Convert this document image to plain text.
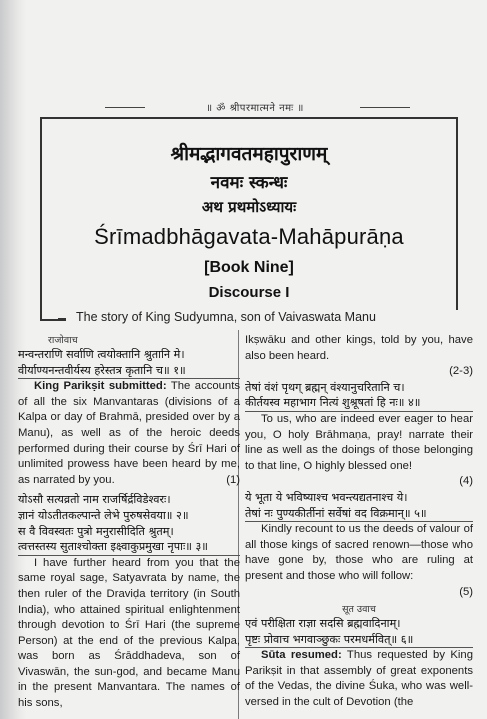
॥ ॐ श्रीपरमात्मने नमः ॥
श्रीमद्भागवतमहापुराणम्
नवमः स्कन्धः
अथ प्रथमोऽध्यायः
Śrīmadbhāgavata-Mahāpurāṇa
[Book Nine]
Discourse I
The story of King Sudyumna, son of Vaivaswata Manu
राजोवाच
मन्वन्तराणि सर्वाणि त्वयोक्तानि श्रुतानि मे।
वीर्याण्यनन्तवीर्यस्य हरेस्तत्र कृतानि च॥ १॥
King Parikṣit submitted: The accounts of all the six Manvantaras (divisions of a Kalpa or day of Brahmā, presided over by a Manu), as well as of the heroic deeds performed during their course by Śrī Hari of unlimited prowess have been heard by me, as narrated by you.	(1)
योऽसौ सत्यव्रतो नाम राजर्षिर्द्रविडेश्वरः।
ज्ञानं योऽतीतकल्पान्ते लेभे पुरुषसेवया॥ २॥
स वै विवस्वतः पुत्रो मनुरासीदिति श्रुतम्।
त्वत्तस्तस्य सुताश्चोक्ता इक्ष्वाकुप्रमुखा नृपाः॥ ३॥
I have further heard from you that the same royal sage, Satyavrata by name, the then ruler of the Draviḍa territory (in South India), who attained spiritual enlightenment through devotion to Śrī Hari (the supreme Person) at the end of the previous Kalpa, was born as Śrāddhadeva, son of Vivaswān, the sun-god, and became Manu in the present Manvantara. The names of his sons,
Ikṣwāku and other kings, told by you, have also been heard.
(2-3)
तेषां वंशं पृथग् ब्रह्मन् वंश्यानुचरितानि च।
कीर्तयस्व महाभाग नित्यं शुश्रूषतां हि नः॥ ४॥
To us, who are indeed ever eager to hear you, O holy Brāhmaṇa, pray! narrate their line as well as the doings of those belonging to that line, O highly blessed one!
(4)
ये भूता ये भविष्याश्च भवन्त्यद्यतनाश्च ये।
तेषां नः पुण्यकीर्तीनां सर्वेषां वद विक्रमान्॥ ५॥
Kindly recount to us the deeds of valour of all those kings of sacred renown—those who have gone by, those who are ruling at present and those who will follow:
(5)
सूत उवाच
एवं परीक्षिता राज्ञा सदसि ब्रह्मवादिनाम्।
पृष्टः प्रोवाच भगवाञ्छुकः परमधर्मवित्॥ ६॥
Sūta resumed: Thus requested by King Parikṣit in that assembly of great exponents of the Vedas, the divine Śuka, who was well-versed in the cult of Devotion (the
